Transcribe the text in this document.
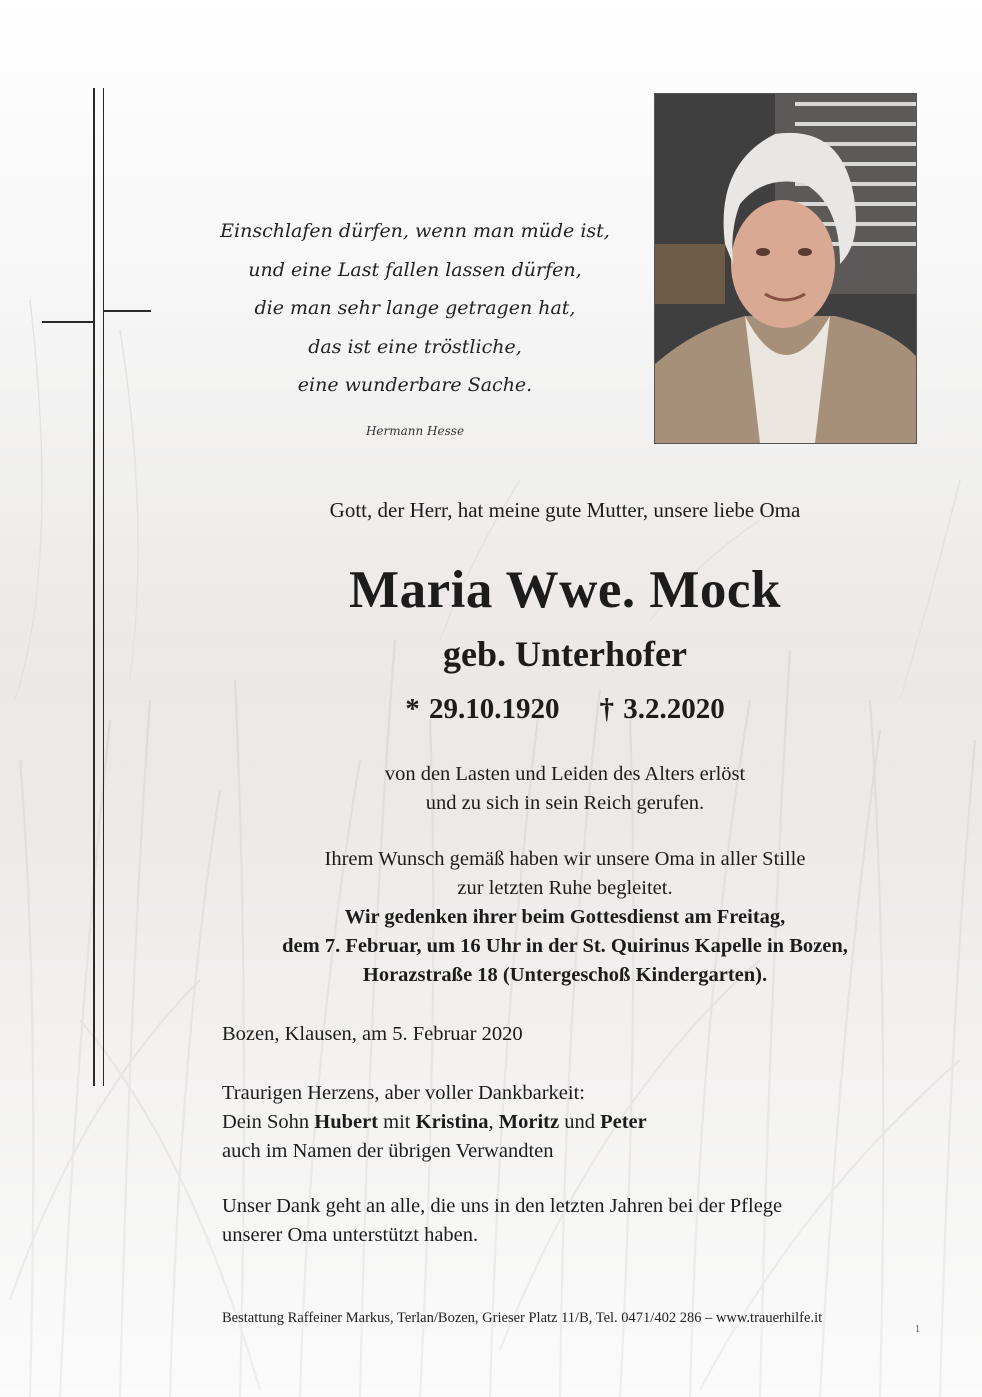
Einschlafen dürfen, wenn man müde ist,
und eine Last fallen lassen dürfen,
die man sehr lange getragen hat,
das ist eine tröstliche,
eine wunderbare Sache.
Hermann Hesse
Gott, der Herr, hat meine gute Mutter, unsere liebe Oma
Maria Wwe. Mock
geb. Unterhofer
* 29.10.1920 † 3.2.2020
von den Lasten und Leiden des Alters erlöst
und zu sich in sein Reich gerufen.
Ihrem Wunsch gemäß haben wir unsere Oma in aller Stille
zur letzten Ruhe begleitet.
Wir gedenken ihrer beim Gottesdienst am Freitag,
dem 7. Februar, um 16 Uhr in der St. Quirinus Kapelle in Bozen,
Horazstraße 18 (Untergeschoß Kindergarten).
Bozen, Klausen, am 5. Februar 2020
Traurigen Herzens, aber voller Dankbarkeit:
Dein Sohn Hubert mit Kristina, Moritz und Peter
auch im Namen der übrigen Verwandten
Unser Dank geht an alle, die uns in den letzten Jahren bei der Pflege
unserer Oma unterstützt haben.
Bestattung Raffeiner Markus, Terlan/Bozen, Grieser Platz 11/B, Tel. 0471/402 286 – www.trauerhilfe.it
1
